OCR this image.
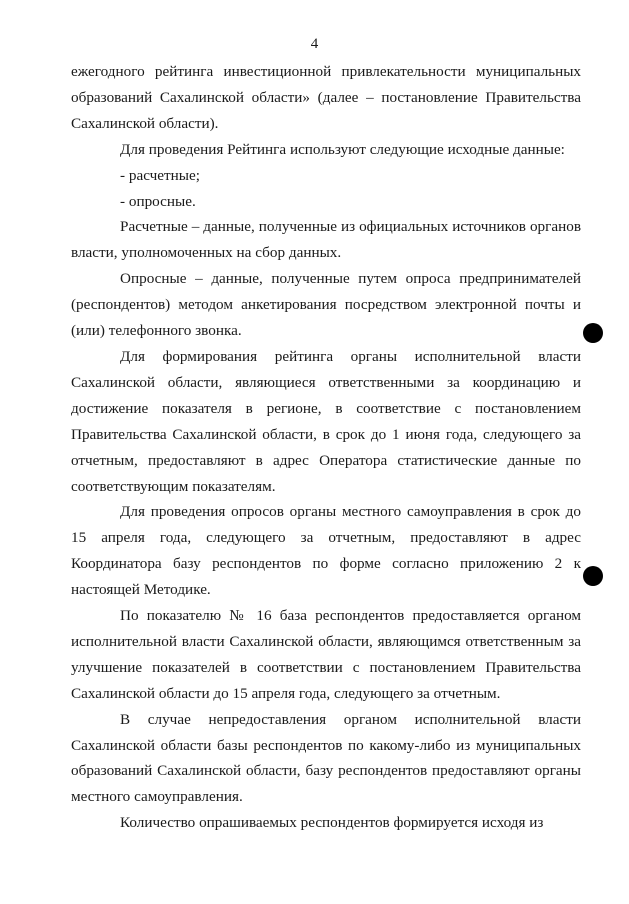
4

ежегодного рейтинга инвестиционной привлекательности муниципальных образований Сахалинской области» (далее – постановление Правительства Сахалинской области).

Для проведения Рейтинга используют следующие исходные данные:

- расчетные;

- опросные.

Расчетные – данные, полученные из официальных источников органов власти, уполномоченных на сбор данных.

Опросные – данные, полученные путем опроса предпринимателей (респондентов) методом анкетирования посредством электронной почты и (или) телефонного звонка.

Для формирования рейтинга органы исполнительной власти Сахалинской области, являющиеся ответственными за координацию и достижение показателя в регионе, в соответствие с постановлением Правительства Сахалинской области, в срок до 1 июня года, следующего за отчетным, предоставляют в адрес Оператора статистические данные по соответствующим показателям.

Для проведения опросов органы местного самоуправления в срок до 15 апреля года, следующего за отчетным, предоставляют в адрес Координатора базу респондентов по форме согласно приложению 2 к настоящей Методике.

По показателю № 16 база респондентов предоставляется органом исполнительной власти Сахалинской области, являющимся ответственным за улучшение показателей в соответствии с постановлением Правительства Сахалинской области до 15 апреля года, следующего за отчетным.

В случае непредоставления органом исполнительной власти Сахалинской области базы респондентов по какому-либо из муниципальных образований Сахалинской области, базу респондентов предоставляют органы местного самоуправления.

Количество опрашиваемых респондентов формируется исходя из
